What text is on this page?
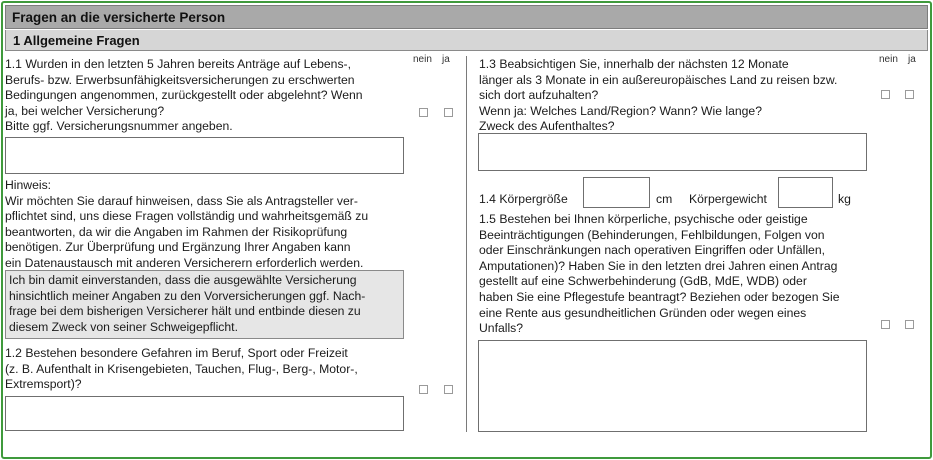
Fragen an die versicherte Person
1 Allgemeine Fragen
nein ja	nein ja
1.1 Wurden in den letzten 5 Jahren bereits Anträge auf Lebens-,
Berufs- bzw. Erwerbsunfähigkeitsversicherungen zu erschwerten
Bedingungen angenommen, zurückgestellt oder abgelehnt? Wenn
ja, bei welcher Versicherung?
Bitte ggf. Versicherungsnummer angeben.
Hinweis:
Wir möchten Sie darauf hinweisen, dass Sie als Antragsteller ver-
pflichtet sind, uns diese Fragen vollständig und wahrheitsgemäß zu
beantworten, da wir die Angaben im Rahmen der Risikoprüfung
benötigen. Zur Überprüfung und Ergänzung Ihrer Angaben kann
ein Datenaustausch mit anderen Versicherern erforderlich werden.
Ich bin damit einverstanden, dass die ausgewählte Versicherung
hinsichtlich meiner Angaben zu den Vorversicherungen ggf. Nach-
frage bei dem bisherigen Versicherer hält und entbinde diesen zu
diesem Zweck von seiner Schweigepflicht.
1.2 Bestehen besondere Gefahren im Beruf, Sport oder Freizeit
(z. B. Aufenthalt in Krisengebieten, Tauchen, Flug-, Berg-, Motor-,
Extremsport)?
1.3 Beabsichtigen Sie, innerhalb der nächsten 12 Monate
länger als 3 Monate in ein außereuropäisches Land zu reisen bzw.
sich dort aufzuhalten?
Wenn ja: Welches Land/Region? Wann? Wie lange?
Zweck des Aufenthaltes?
1.4 Körpergröße	cm Körpergewicht	kg
1.5 Bestehen bei Ihnen körperliche, psychische oder geistige
Beeinträchtigungen (Behinderungen, Fehlbildungen, Folgen von
oder Einschränkungen nach operativen Eingriffen oder Unfällen,
Amputationen)? Haben Sie in den letzten drei Jahren einen Antrag
gestellt auf eine Schwerbehinderung (GdB, MdE, WDB) oder
haben Sie eine Pflegestufe beantragt? Beziehen oder bezogen Sie
eine Rente aus gesundheitlichen Gründen oder wegen eines
Unfalls?
